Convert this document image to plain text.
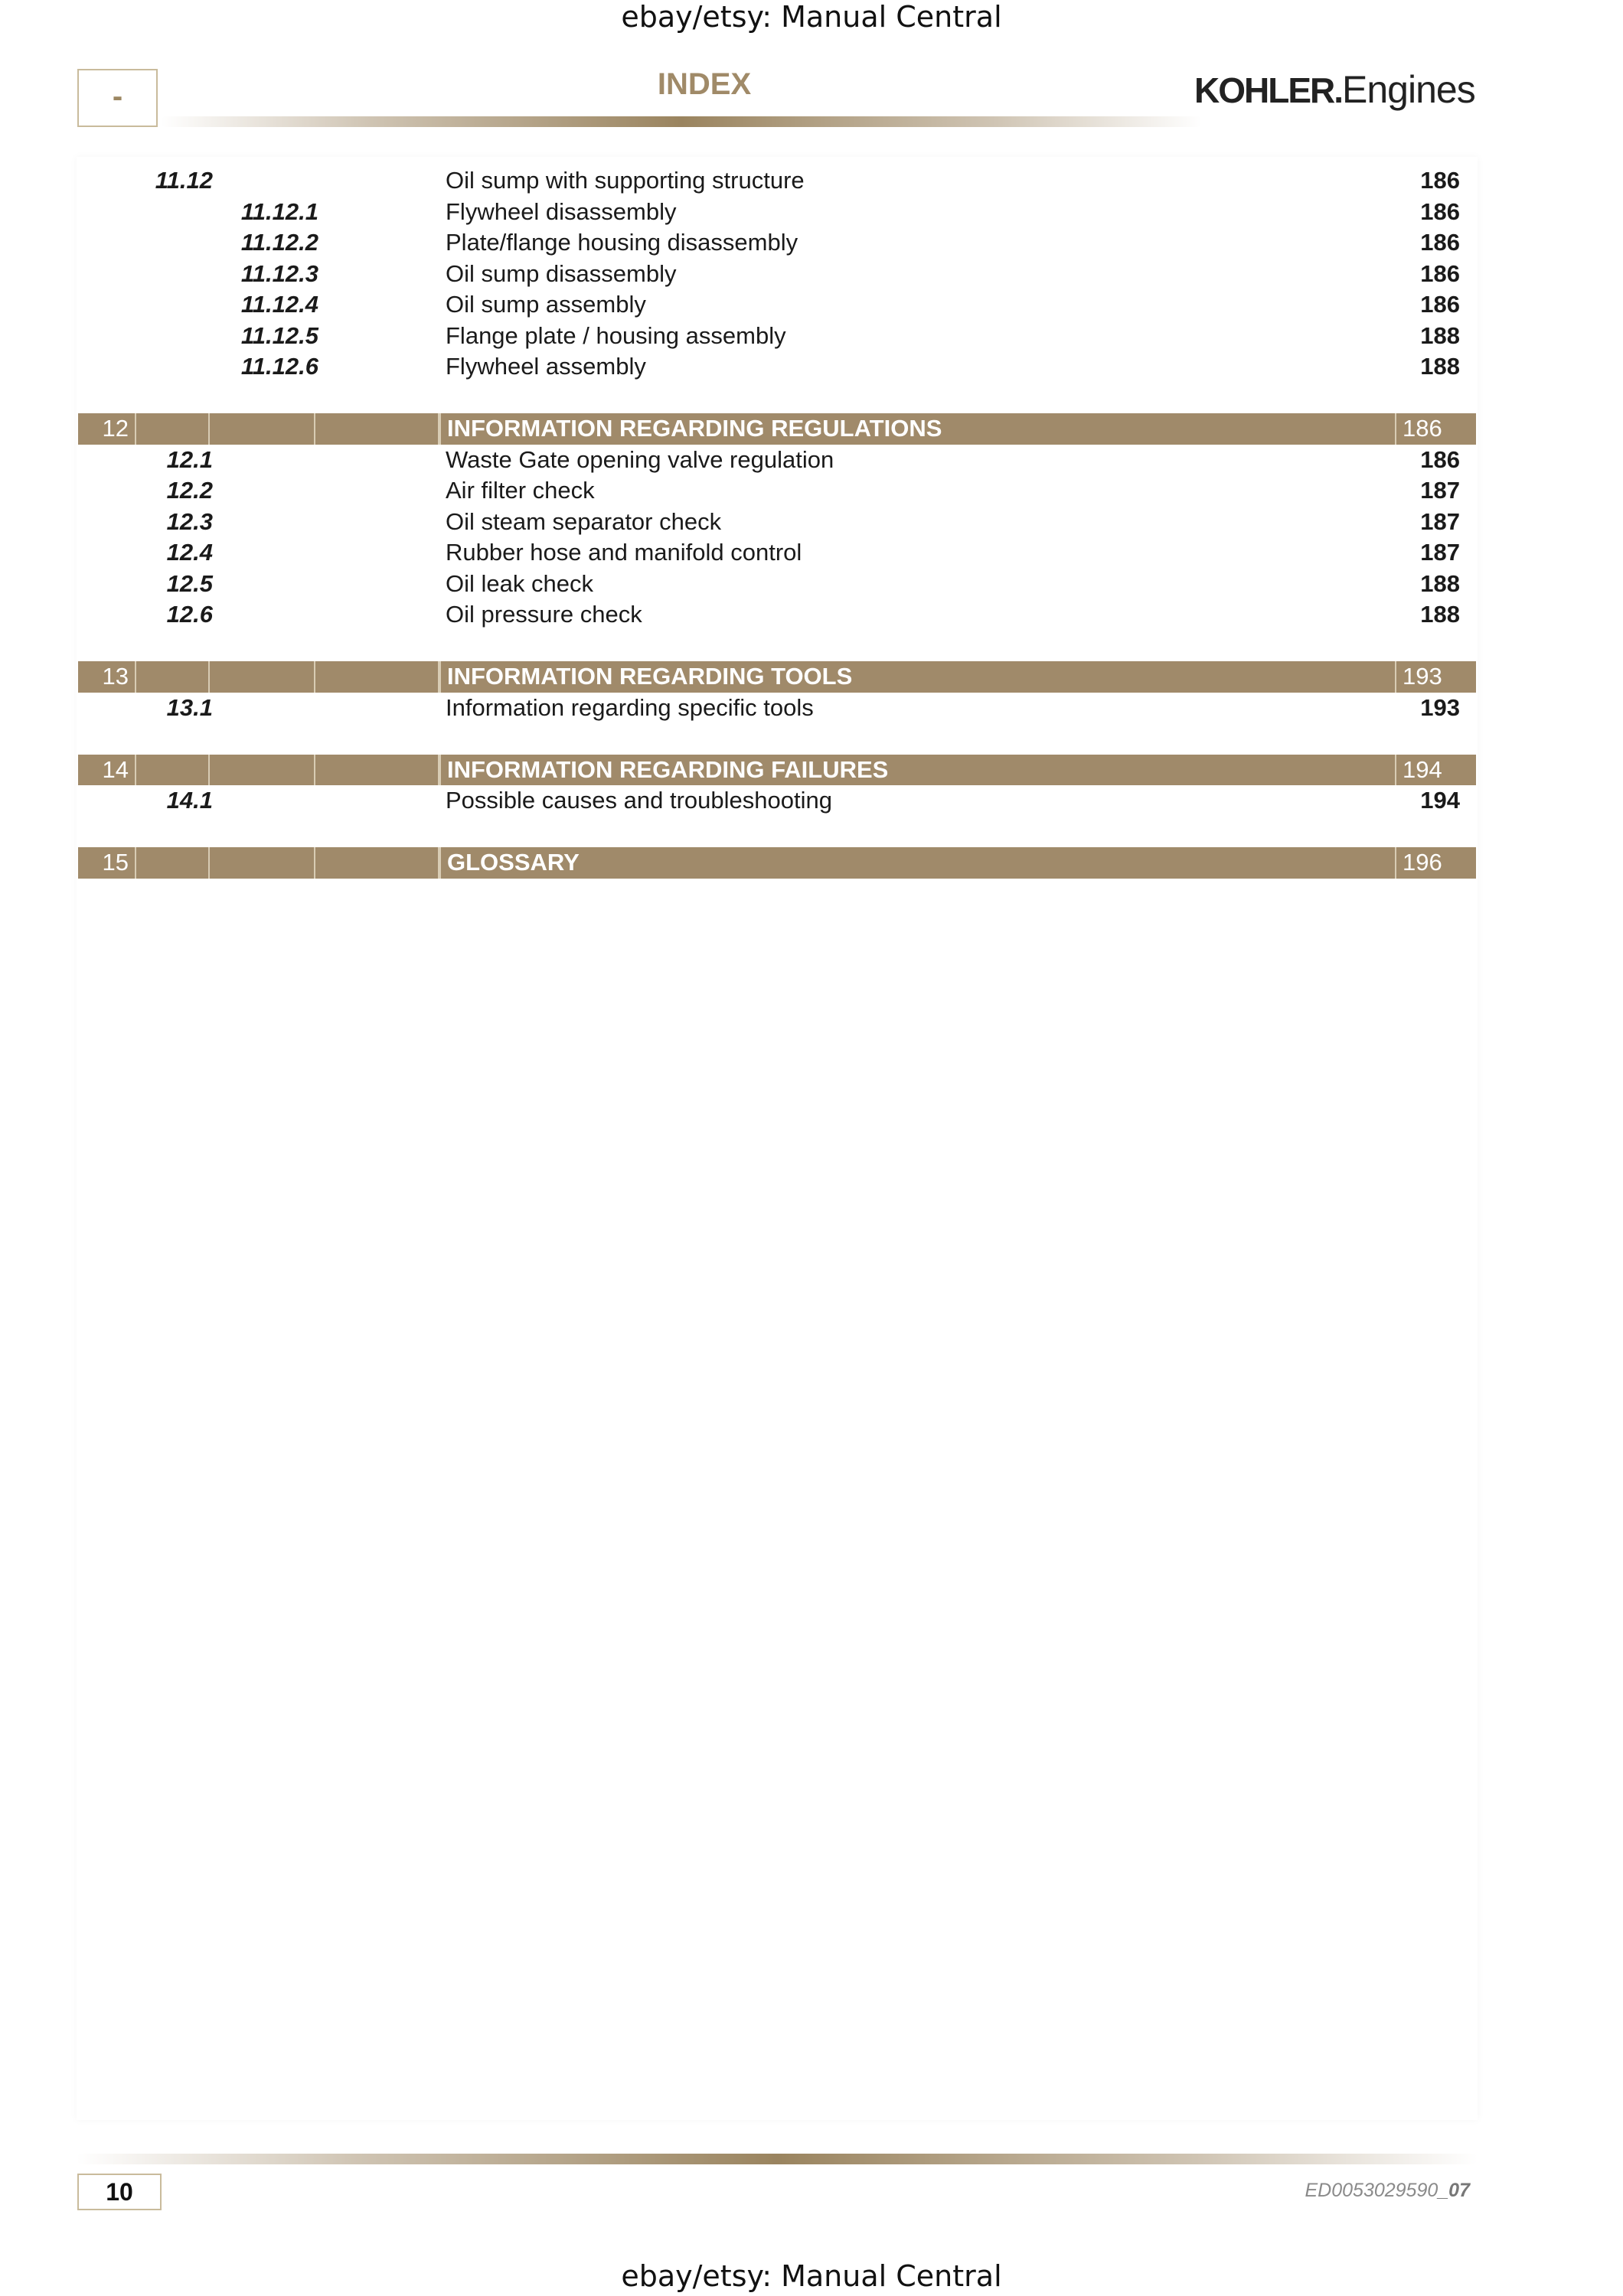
ebay/etsy: Manual Central
-	INDEX	KOHLER.Engines
11.12	Oil sump with supporting structure	186
11.12.1	Flywheel disassembly	186
11.12.2	Plate/flange housing disassembly	186
11.12.3	Oil sump disassembly	186
11.12.4	Oil sump assembly	186
11.12.5	Flange plate / housing assembly	188
11.12.6	Flywheel assembly	188
12	INFORMATION REGARDING REGULATIONS	186
12.1	Waste Gate opening valve regulation	186
12.2	Air filter check	187
12.3	Oil steam separator check	187
12.4	Rubber hose and manifold control	187
12.5	Oil leak check	188
12.6	Oil pressure check	188
13	INFORMATION REGARDING TOOLS	193
13.1	Information regarding specific tools	193
14	INFORMATION REGARDING FAILURES	194
14.1	Possible causes and troubleshooting	194
15	GLOSSARY	196
10	ED0053029590_07
ebay/etsy: Manual Central
